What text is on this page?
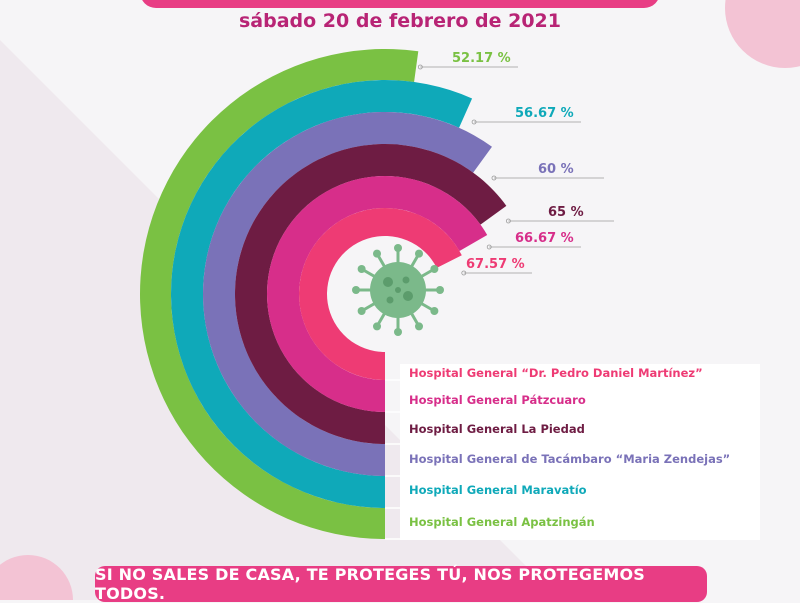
sábado 20 de febrero de 2021
Hospital General Apatzingán
Hospital General Maravatío
Hospital General de Tacámbaro “Maria Zendejas”
Hospital General La Piedad
Hospital General Pátzcuaro
Hospital General “Dr. Pedro Daniel Martínez”
52.17 %
56.67 %
60 %
65 %
66.67 %
67.57 %
SI NO SALES DE CASA, TE PROTEGES TÚ, NOS PROTEGEMOS TODOS.
